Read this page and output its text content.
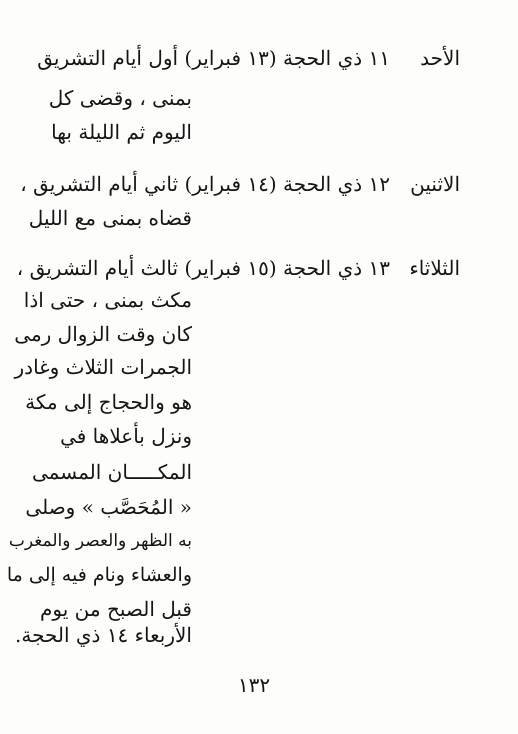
الأحد
١١ ذي الحجة (١٣ فبراير) أول أيام التشريق
بمنى ، وقضى كل
اليوم ثم الليلة بها
الاثنين
١٢ ذي الحجة (١٤ فبراير) ثاني أيام التشريق ،
قضاه بمنى مع الليل
الثلاثاء
١٣ ذي الحجة (١٥ فبراير) ثالث أيام التشريق ،
مكث بمنى ، حتى اذا
كان وقت الزوال رمى
الجمرات الثلاث وغادر
هو والحجاج إلى مكة
ونزل بأعلاها في
المكـــــان المسمى
« المُحَصَّب » وصلى
به الظهر والعصر والمغرب
والعشاء ونام فيه إلى ما
قبل الصبح من يوم
الأربعاء ١٤ ذي الحجة.
١٣٢
